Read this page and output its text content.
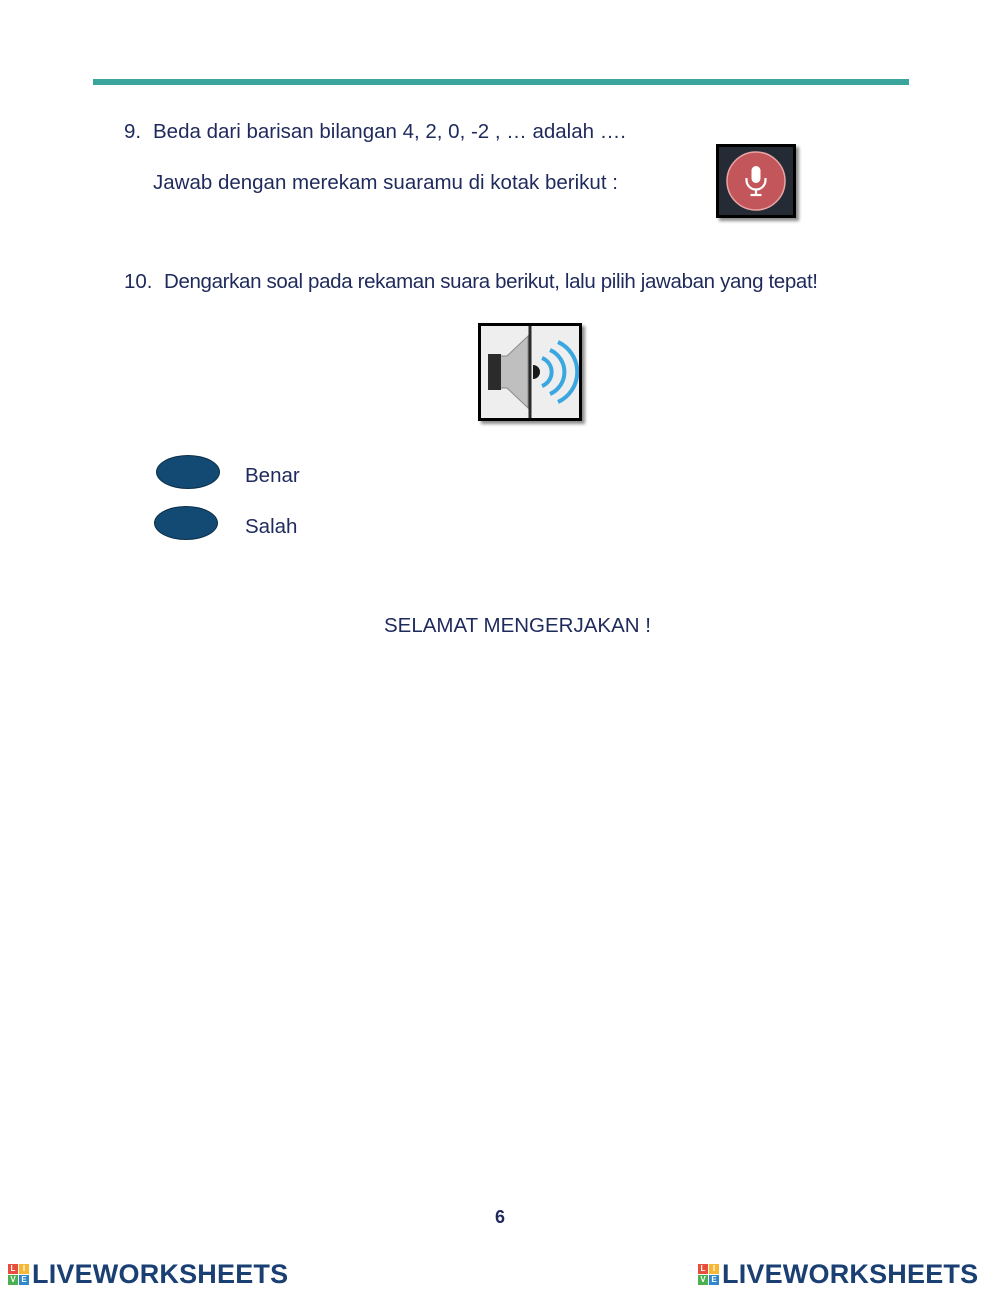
9. Beda dari barisan bilangan 4, 2, 0, -2 , … adalah ….
Jawab dengan merekam suaramu di kotak berikut :
10. Dengarkan soal pada rekaman suara berikut, lalu pilih jawaban yang tepat!
Benar
Salah
SELAMAT MENGERJAKAN !
6
L I
V E LIVEWORKSHEETS	L I
V E LIVEWORKSHEETS
